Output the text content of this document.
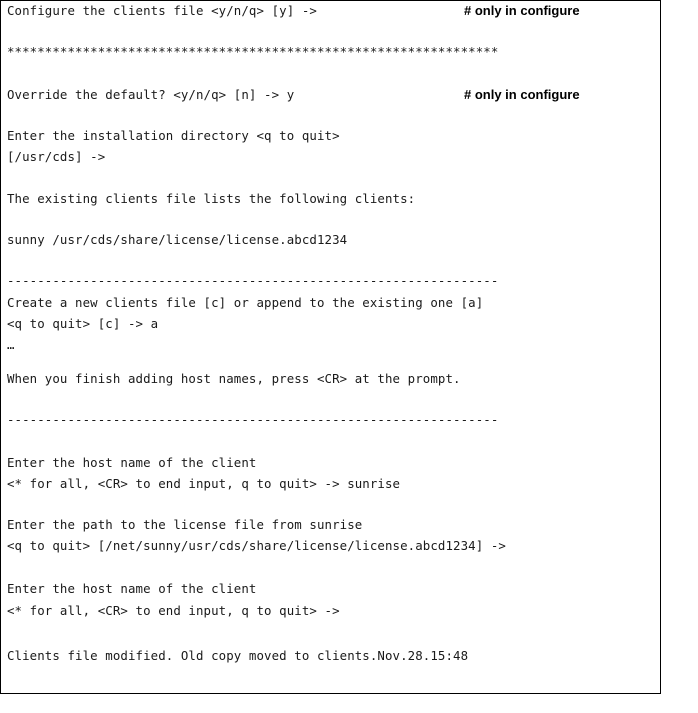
Configure the clients file <y/n/q> [y] ->	# only in configure
*****************************************************************
Override the default? <y/n/q> [n] -> y	# only in configure
Enter the installation directory <q to quit>
[/usr/cds] ->
The existing clients file lists the following clients:
sunny /usr/cds/share/license/license.abcd1234
-----------------------------------------------------------------
Create a new clients file [c] or append to the existing one [a]
<q to quit> [c] -> a
…
When you finish adding host names, press <CR> at the prompt.
-----------------------------------------------------------------
Enter the host name of the client
<* for all, <CR> to end input, q to quit> -> sunrise
Enter the path to the license file from sunrise
<q to quit> [/net/sunny/usr/cds/share/license/license.abcd1234] ->
Enter the host name of the client
<* for all, <CR> to end input, q to quit> ->
Clients file modified. Old copy moved to clients.Nov.28.15:48
